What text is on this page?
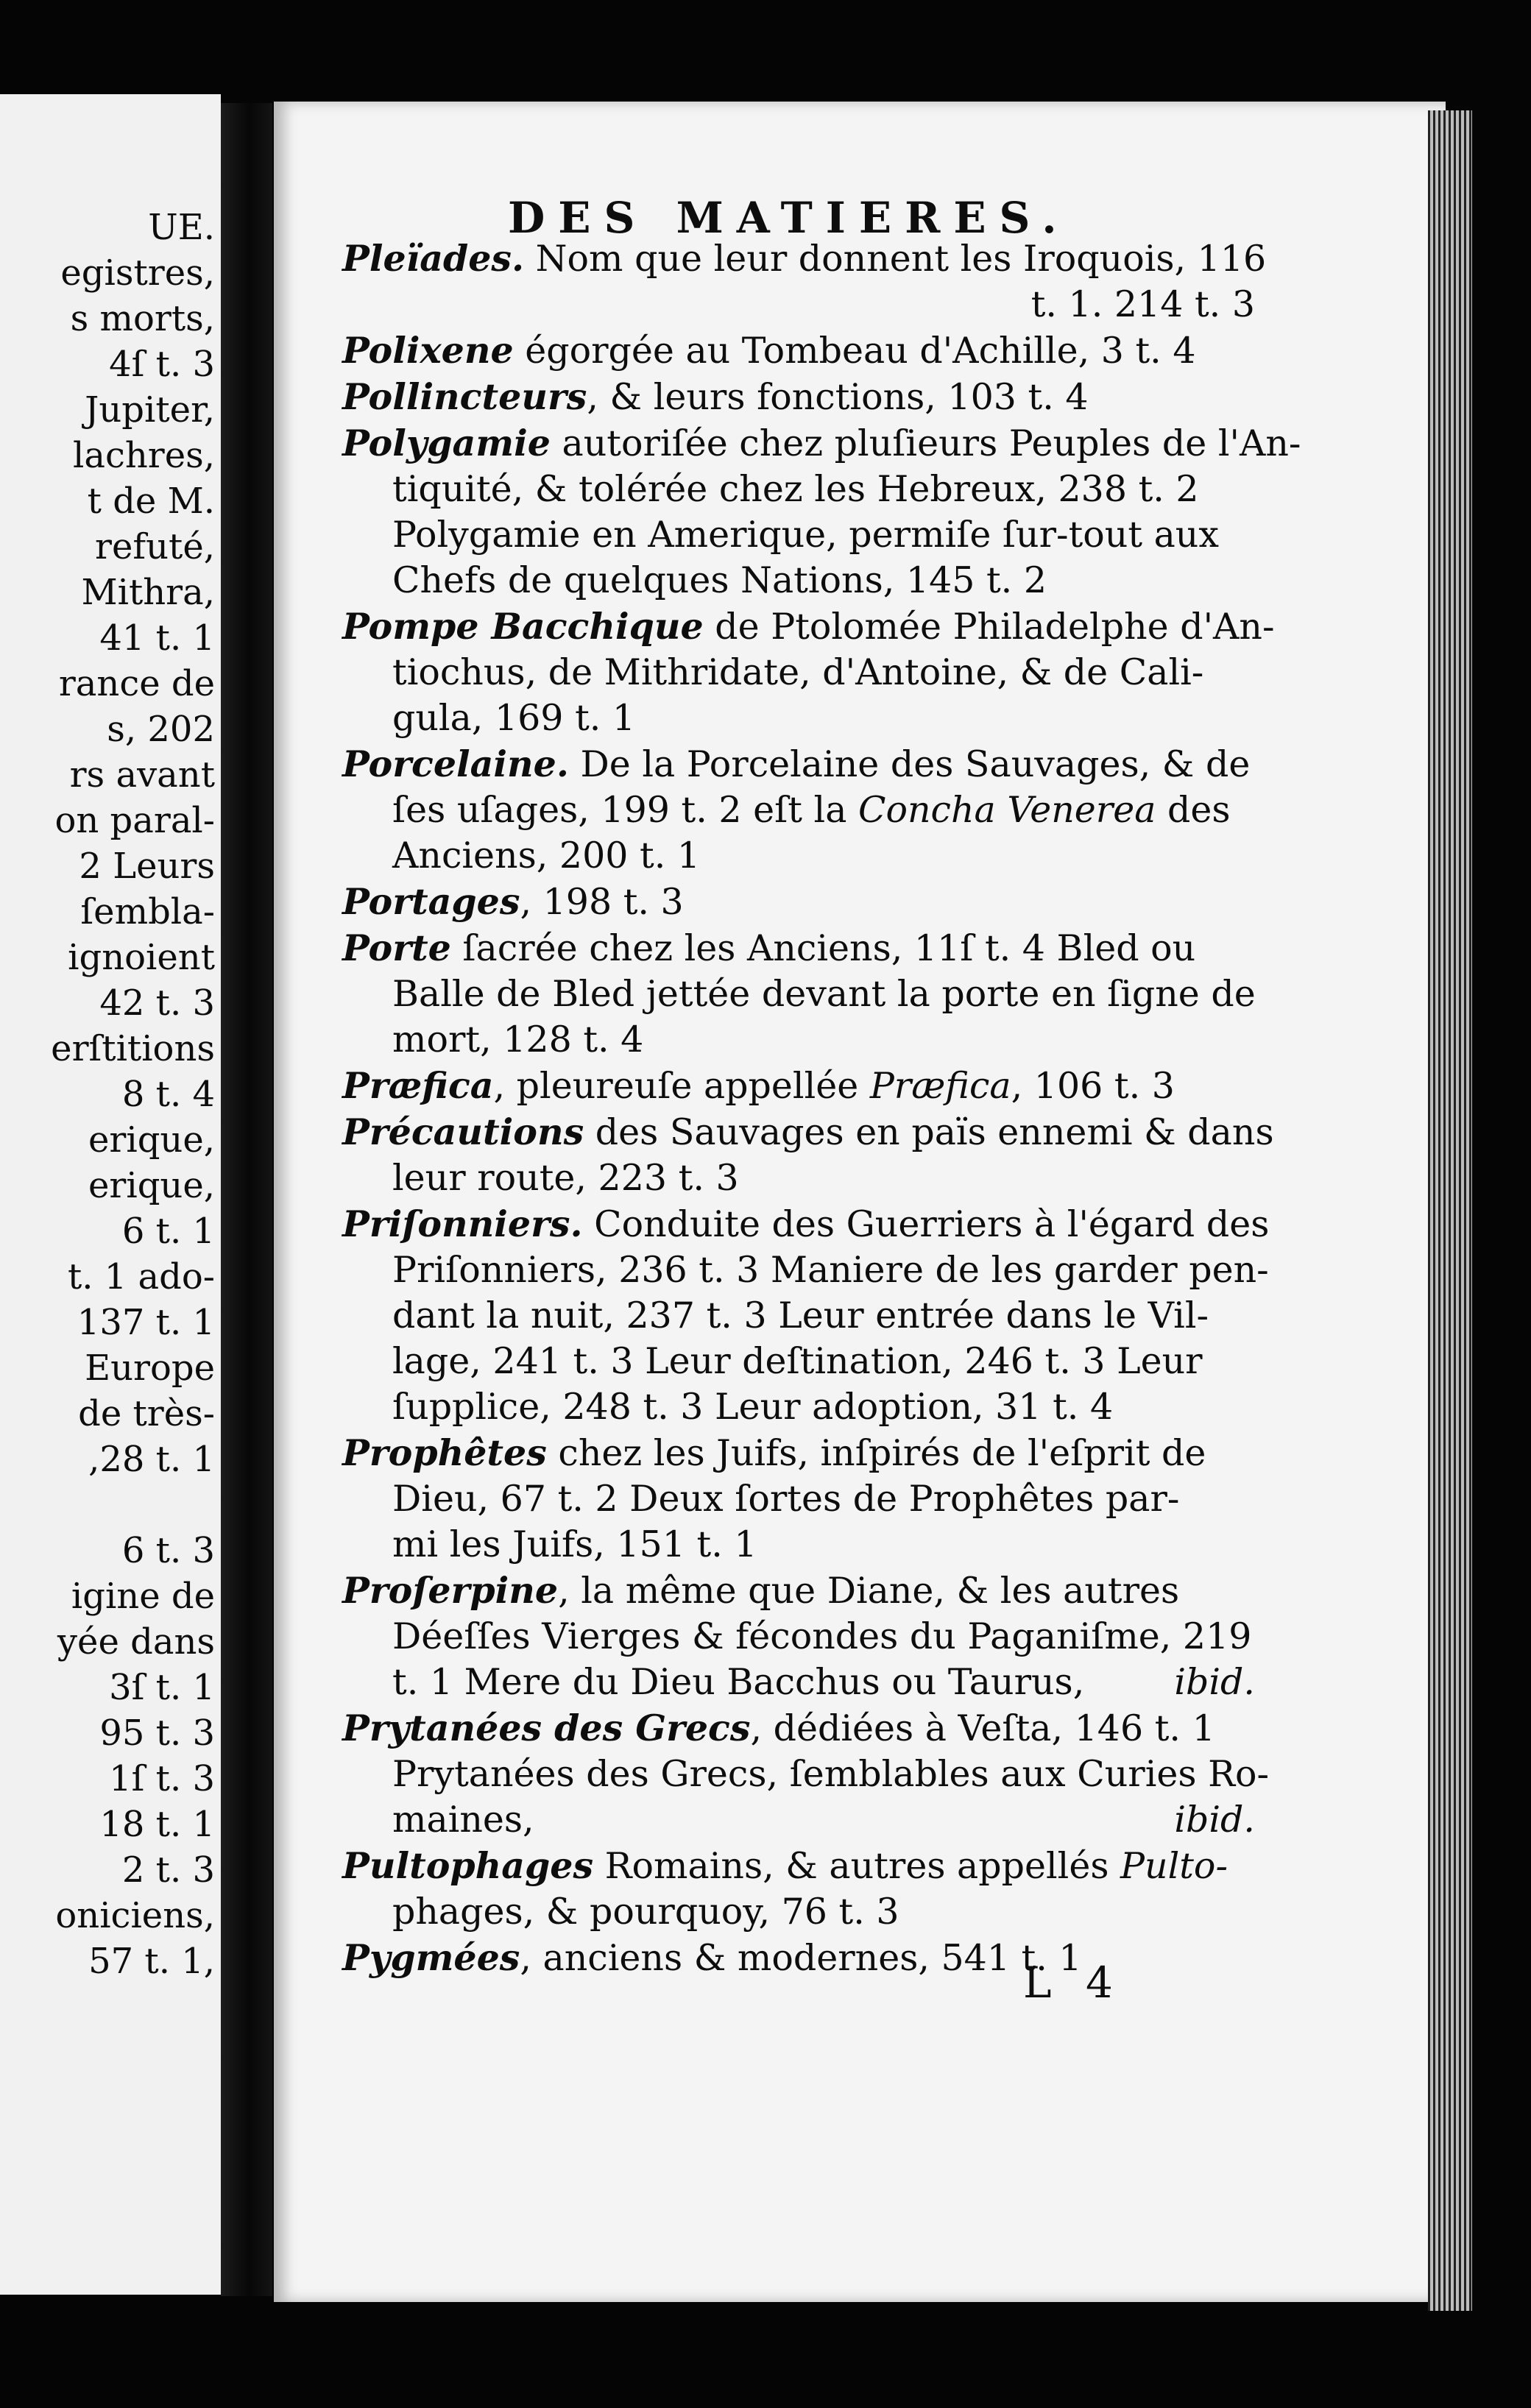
UE.
egistres,
s morts,
4ſ t. 3
Jupiter,
lachres,
t de M.
refuté,
Mithra,
41 t. 1
rance de
s, 202
rs avant
on paral-
2 Leurs
ſembla-
ignoient
42 t. 3
erſtitions
8 t. 4
erique,
erique,
6 t. 1
t. 1 ado-
137 t. 1
Europe
de très-
,28 t. 1

6 t. 3
igine de
yée dans
3ſ t. 1
95 t. 3
1ſ t. 3
18 t. 1
2 t. 3
oniciens,
57 t. 1,
DES MATIERES.
Pleïades. Nom que leur donnent les Iroquois, 116
t. 1. 214 t. 3
Polixene égorgée au Tombeau d'Achille, 3 t. 4
Pollincteurs, & leurs fonctions, 103 t. 4
Polygamie autoriſée chez pluſieurs Peuples de l'An-
tiquité, & tolérée chez les Hebreux, 238 t. 2
Polygamie en Amerique, permiſe ſur-tout aux
Chefs de quelques Nations, 145 t. 2
Pompe Bacchique de Ptolomée Philadelphe d'An-
tiochus, de Mithridate, d'Antoine, & de Cali-
gula, 169 t. 1
Porcelaine. De la Porcelaine des Sauvages, & de
ſes uſages, 199 t. 2 eſt la Concha Venerea des
Anciens, 200 t. 1
Portages, 198 t. 3
Porte ſacrée chez les Anciens, 11ſ t. 4 Bled ou
Balle de Bled jettée devant la porte en ſigne de
mort, 128 t. 4
Præfica, pleureuſe appellée Præfica, 106 t. 3
Précautions des Sauvages en païs ennemi & dans
leur route, 223 t. 3
Priſonniers. Conduite des Guerriers à l'égard des
Priſonniers, 236 t. 3 Maniere de les garder pen-
dant la nuit, 237 t. 3 Leur entrée dans le Vil-
lage, 241 t. 3 Leur deſtination, 246 t. 3 Leur
ſupplice, 248 t. 3 Leur adoption, 31 t. 4
Prophêtes chez les Juifs, inſpirés de l'eſprit de
Dieu, 67 t. 2 Deux ſortes de Prophêtes par-
mi les Juifs, 151 t. 1
Proſerpine, la même que Diane, & les autres
Déeſſes Vierges & fécondes du Paganiſme, 219
t. 1 Mere du Dieu Bacchus ou Taurus, ibid.
Prytanées des Grecs, dédiées à Veſta, 146 t. 1
Prytanées des Grecs, ſemblables aux Curies Ro-
maines,	ibid.
Pultophages Romains, & autres appellés Pulto-
phages, & pourquoy, 76 t. 3
Pygmées, anciens & modernes, 541 t. 1
L 4
